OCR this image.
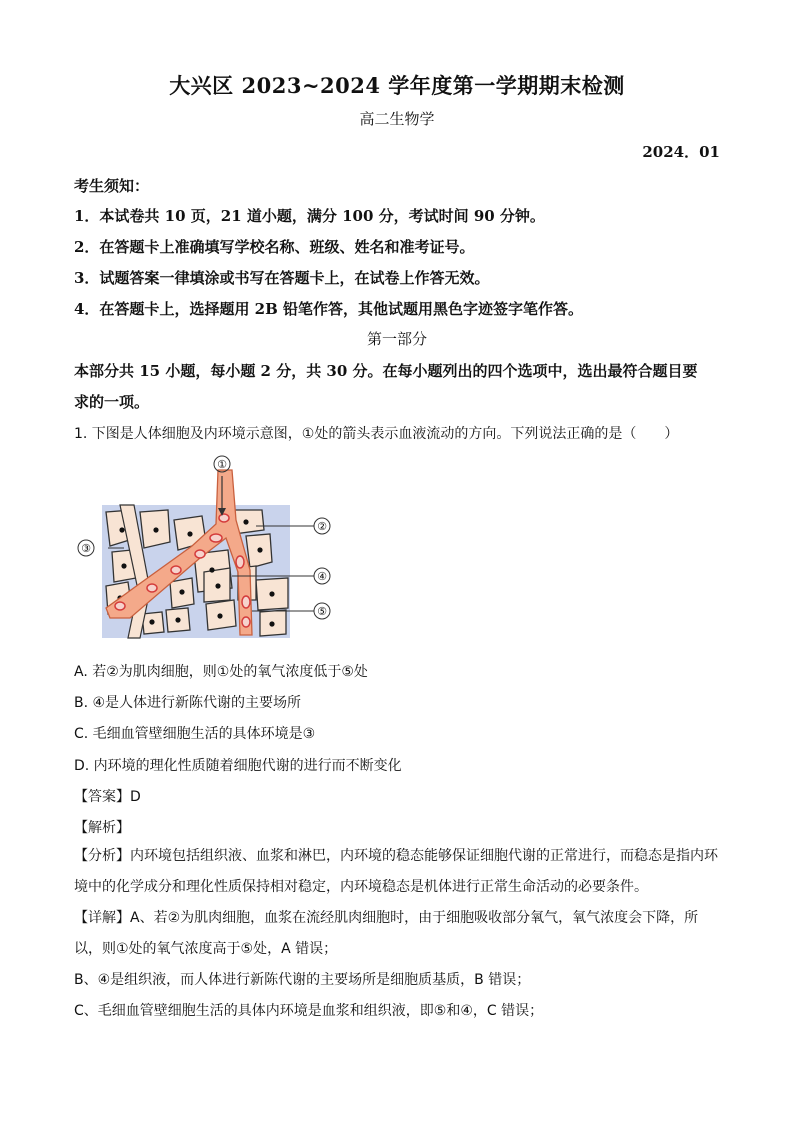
大兴区 2023~2024 学年度第一学期期末检测
高二生物学
2024．01
考生须知：
1．本试卷共 10 页，21 道小题，满分 100 分，考试时间 90 分钟。
2．在答题卡上准确填写学校名称、班级、姓名和准考证号。
3．试题答案一律填涂或书写在答题卡上，在试卷上作答无效。
4．在答题卡上，选择题用 2B 铅笔作答，其他试题用黑色字迹签字笔作答。
第一部分
本部分共 15 小题，每小题 2 分，共 30 分。在每小题列出的四个选项中，选出最符合题目要
求的一项。
1. 下图是人体细胞及内环境示意图，①处的箭头表示血液流动的方向。下列说法正确的是（　　）
①
②
③
④
⑤
A. 若②为肌肉细胞，则①处的氧气浓度低于⑤处
B. ④是人体进行新陈代谢的主要场所
C. 毛细血管壁细胞生活的具体环境是③
D. 内环境的理化性质随着细胞代谢的进行而不断变化
【答案】D
【解析】
【分析】内环境包括组织液、血浆和淋巴，内环境的稳态能够保证细胞代谢的正常进行，而稳态是指内环
境中的化学成分和理化性质保持相对稳定，内环境稳态是机体进行正常生命活动的必要条件。
【详解】A、若②为肌肉细胞，血浆在流经肌肉细胞时，由于细胞吸收部分氧气，氧气浓度会下降，所
以，则①处的氧气浓度高于⑤处，A 错误；
B、④是组织液，而人体进行新陈代谢的主要场所是细胞质基质，B 错误；
C、毛细血管壁细胞生活的具体内环境是血浆和组织液，即⑤和④，C 错误；
